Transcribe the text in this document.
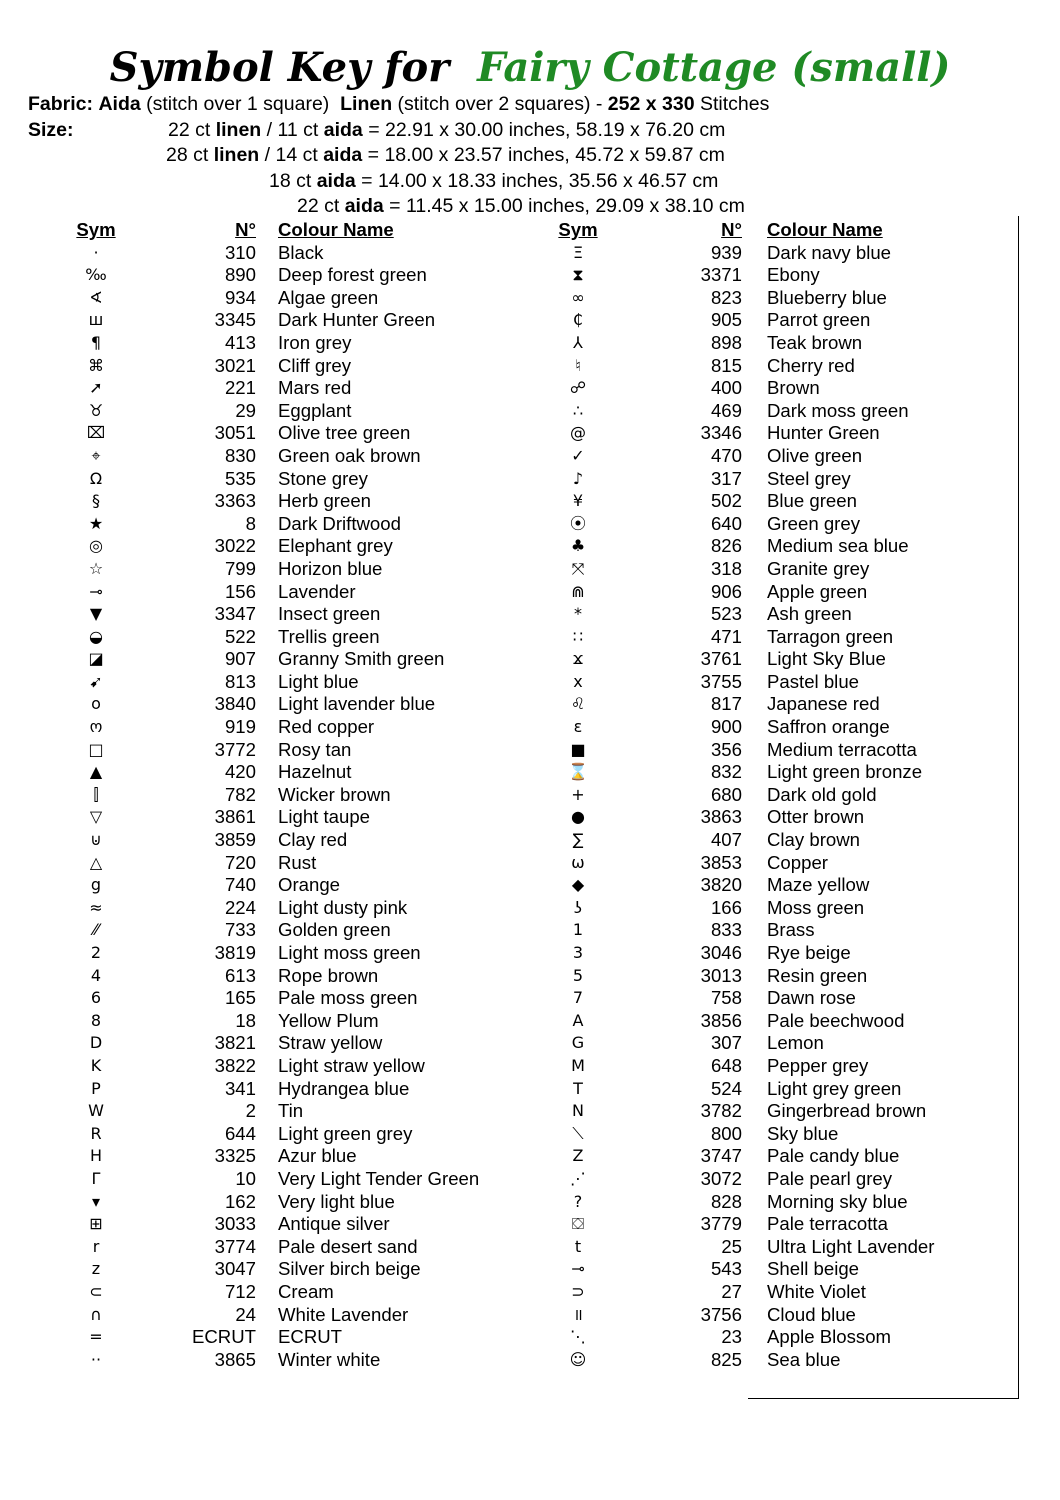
Symbol Key for Fairy Cottage (small)
Fabric: Aida (stitch over 1 square) Linen (stitch over 2 squares) - 252 x 330 Stitches
Size:	22 ct linen / 11 ct aida = 22.91 x 30.00 inches, 58.19 x 76.20 cm
28 ct linen / 14 ct aida = 18.00 x 23.57 inches, 45.72 x 59.87 cm
18 ct aida = 14.00 x 18.33 inches, 35.56 x 46.57 cm
22 ct aida = 11.45 x 15.00 inches, 29.09 x 38.10 cm
Sym	N° Colour Name
·	310 Black
‰	890 Deep forest green
∢	934 Algae green
ш	3345 Dark Hunter Green
¶	413 Iron grey
⌘	3021 Cliff grey
➚	221 Mars red
♉	29 Eggplant
⌧	3051 Olive tree green
⌖	830 Green oak brown
Ω	535 Stone grey
§	3363 Herb green
★	8 Dark Driftwood
◎	3022 Elephant grey
☆	799 Horizon blue
⊸	156 Lavender
▼	3347 Insect green
◒	522 Trellis green
◪	907 Granny Smith green
➹	813 Light blue
o	3840 Light lavender blue
ო	919 Red copper
□	3772 Rosy tan
▲	420 Hazelnut
⫿	782 Wicker brown
▽	3861 Light taupe
⊍	3859 Clay red
△	720 Rust
g	740 Orange
≈	224 Light dusty pink
⁄⁄	733 Golden green
2	3819 Light moss green
4	613 Rope brown
6	165 Pale moss green
8	18 Yellow Plum
D	3821 Straw yellow
K	3822 Light straw yellow
P	341 Hydrangea blue
W	2 Tin
R	644 Light green grey
H	3325 Azur blue
Γ	10 Very Light Tender Green
▾	162 Very light blue
⊞	3033 Antique silver
r	3774 Pale desert sand
z	3047 Silver birch beige
⊂	712 Cream
∩	24 White Lavender
=	ECRUT ECRUT
··	3865 Winter white
Sym	N° Colour Name
Ξ	939 Dark navy blue
⧗	3371 Ebony
∞	823 Blueberry blue
₵	905 Parrot green
⅄	898 Teak brown
♮	815 Cherry red
☍	400 Brown
∴	469 Dark moss green
@	3346 Hunter Green
✓	470 Olive green
♪	317 Steel grey
¥	502 Blue green
⦿	640 Green grey
♣	826 Medium sea blue
⤧	318 Granite grey
⋒	906 Apple green
*	523 Ash green
∷	471 Tarragon green
ϫ	3761 Light Sky Blue
x	3755 Pastel blue
♌	817 Japanese red
ε	900 Saffron orange
■	356 Medium terracotta
⌛	832 Light green bronze
+	680 Dark old gold
●	3863 Otter brown
∑	407 Clay brown
ω	3853 Copper
◆	3820 Maze yellow
ʖ	166 Moss green
1	833 Brass
3	3046 Rye beige
5	3013 Resin green
7	758 Dawn rose
A	3856 Pale beechwood
G	307 Lemon
M	648 Pepper grey
T	524 Light grey green
N	3782 Gingerbread brown
⟍	800 Sky blue
Z	3747 Pale candy blue
⋰	3072 Pale pearl grey
?	828 Morning sky blue
⛋	3779 Pale terracotta
t	25 Ultra Light Lavender
⊸	543 Shell beige
⊃	27 White Violet
॥	3756 Cloud blue
⋱	23 Apple Blossom
☺	825 Sea blue
